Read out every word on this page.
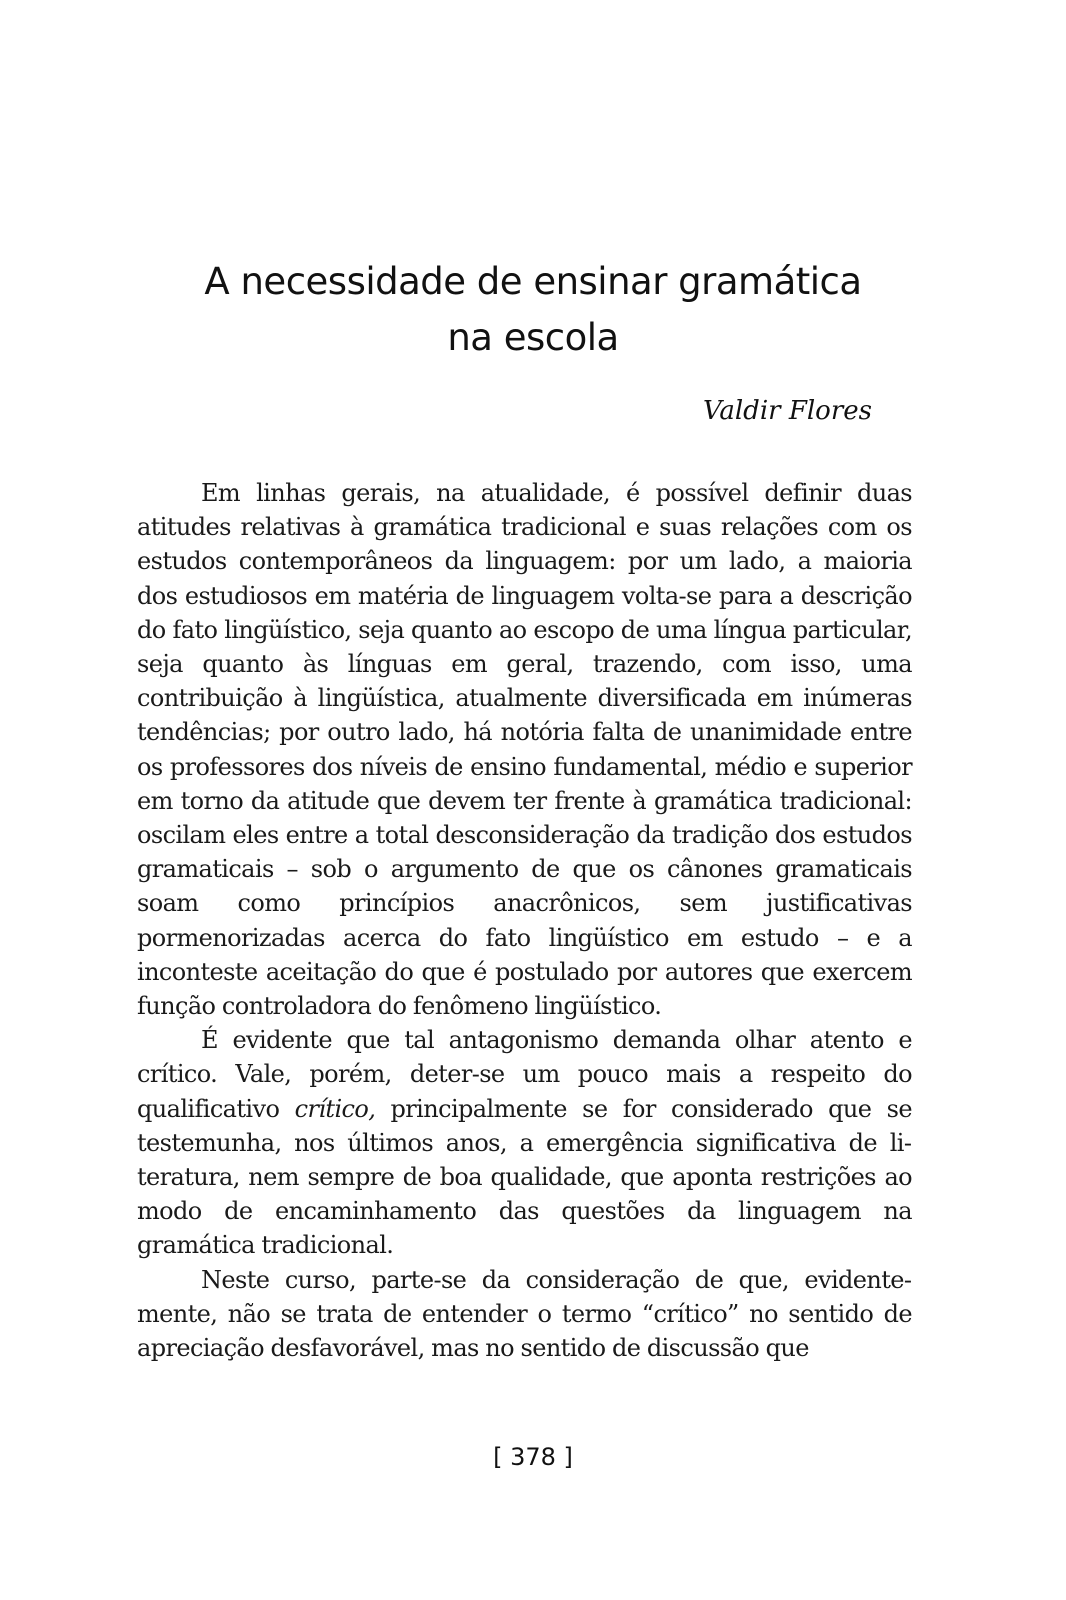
A necessidade de ensinar gramática
na escola
Valdir Flores

Em linhas gerais, na atualidade, é possível definir duas atitudes relativas à gramática tradicional e suas relações com os estudos contemporâneos da linguagem: por um lado, a maioria dos estudiosos em matéria de linguagem volta-se para a descrição do fato lingüístico, seja quanto ao escopo de uma língua particular, seja quanto às línguas em geral, trazendo, com isso, uma contribuição à lingüística, atualmente diversificada em inúmeras tendências; por outro lado, há notória falta de unanimidade entre os professores dos níveis de ensino fundamental, médio e superior em torno da atitude que devem ter frente à gramática tradicional: oscilam eles entre a total desconsideração da tradição dos estudos gramaticais – sob o argumento de que os cânones gramaticais soam como princípios anacrônicos, sem justificativas pormenorizadas acerca do fato lingüístico em estudo – e a inconteste aceitação do que é postulado por autores que exercem função controladora do fenômeno lingüístico.

É evidente que tal antagonismo demanda olhar atento e crítico. Vale, porém, deter-se um pouco mais a respeito do qualificativo crítico, principalmente se for considerado que se testemunha, nos últimos anos, a emergência significativa de literatura, nem sempre de boa qualidade, que aponta restrições ao modo de encaminhamento das questões da linguagem na gramática tradicional.

Neste curso, parte-se da consideração de que, evidentemente, não se trata de entender o termo “crítico” no sentido de apreciação desfavorável, mas no sentido de discussão que

[ 378 ]
